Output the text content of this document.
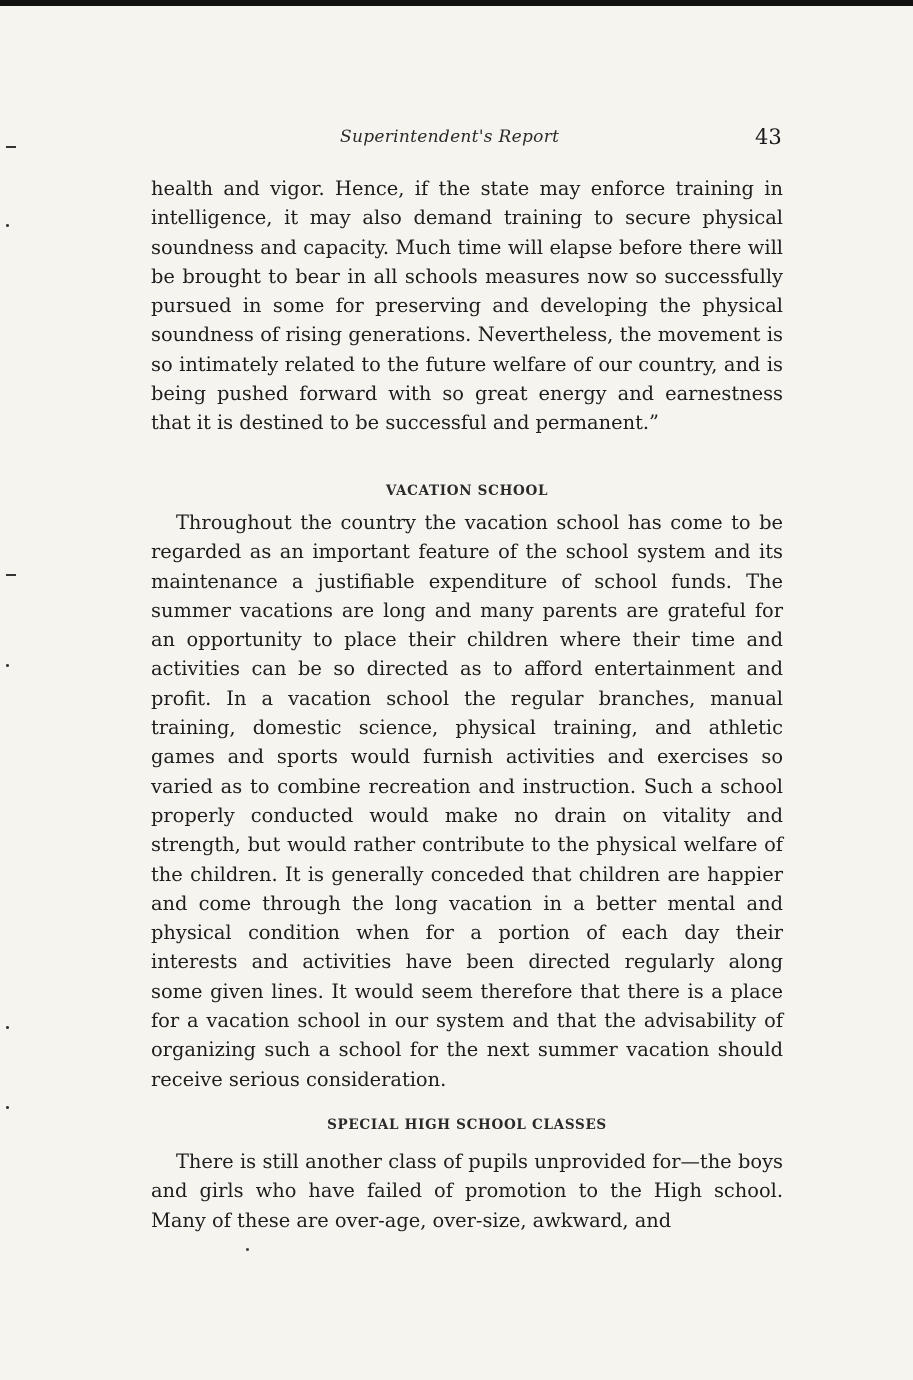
Superintendent's Report	43

health and vigor. Hence, if the state may enforce training in intelligence, it may also demand training to secure physical soundness and capacity. Much time will elapse before there will be brought to bear in all schools measures now so successfully pursued in some for preserving and developing the physical soundness of rising generations. Nevertheless, the movement is so intimately related to the future welfare of our country, and is being pushed forward with so great energy and earnestness that it is destined to be successful and permanent.”

VACATION SCHOOL

Throughout the country the vacation school has come to be regarded as an important feature of the school system and its maintenance a justifiable expenditure of school funds. The summer vacations are long and many parents are grateful for an opportunity to place their children where their time and activities can be so directed as to afford entertainment and profit. In a vacation school the regular branches, manual training, domestic science, physical training, and athletic games and sports would furnish activities and exercises so varied as to combine recreation and instruction. Such a school properly conducted would make no drain on vitality and strength, but would rather contribute to the physical welfare of the children. It is generally conceded that children are happier and come through the long vacation in a better mental and physical condition when for a portion of each day their interests and activities have been directed regularly along some given lines. It would seem therefore that there is a place for a vacation school in our system and that the advisability of organizing such a school for the next summer vacation should receive serious consideration.

SPECIAL HIGH SCHOOL CLASSES

There is still another class of pupils unprovided for—the boys and girls who have failed of promotion to the High school. Many of these are over-age, over-size, awkward, and
